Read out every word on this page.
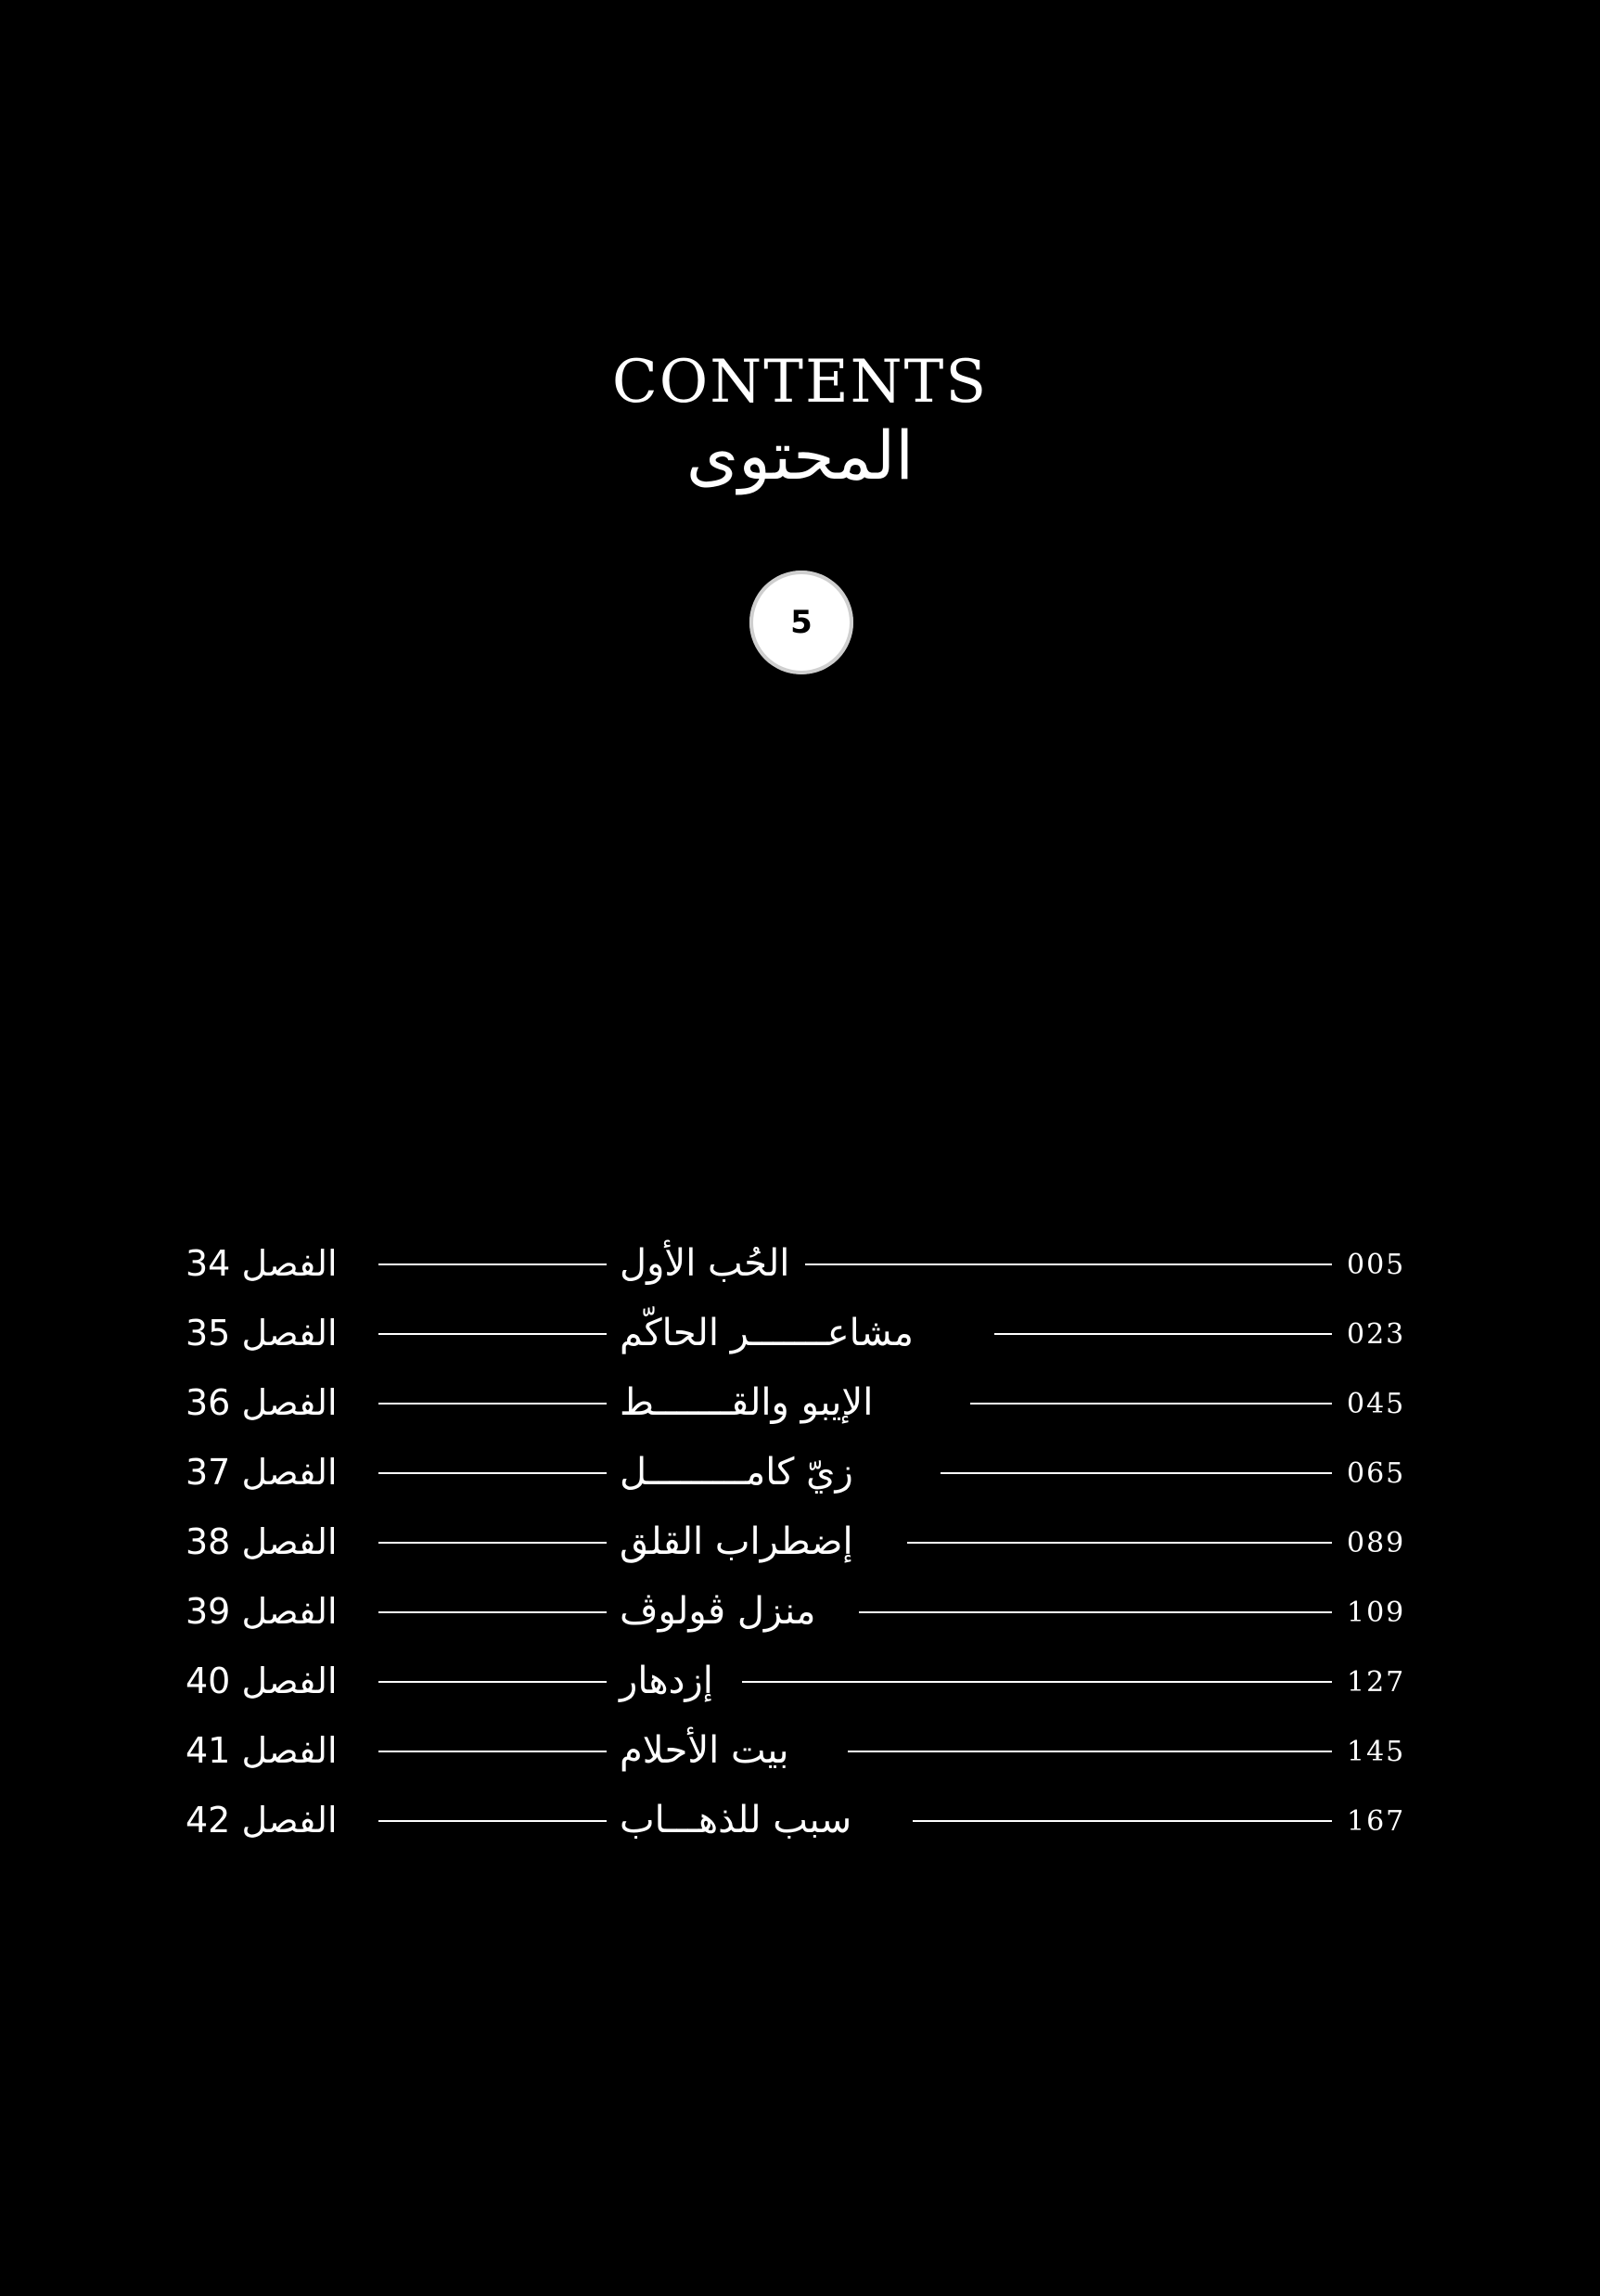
CONTENTS
المحتوى
5
الفصل 34	الحُب الأول	005
الفصل 35	مشاعـــــــر الحاكّم	023
الفصل 36	الإيبو والقـــــــط	045
الفصل 37	زيّ كامـــــــــل	065
الفصل 38	إضطراب القلق	089
الفصل 39	منزل ڤولوڤ	109
الفصل 40	إزدهار	127
الفصل 41	بيت الأحلام	145
الفصل 42	سبب للذهـــاب	167
